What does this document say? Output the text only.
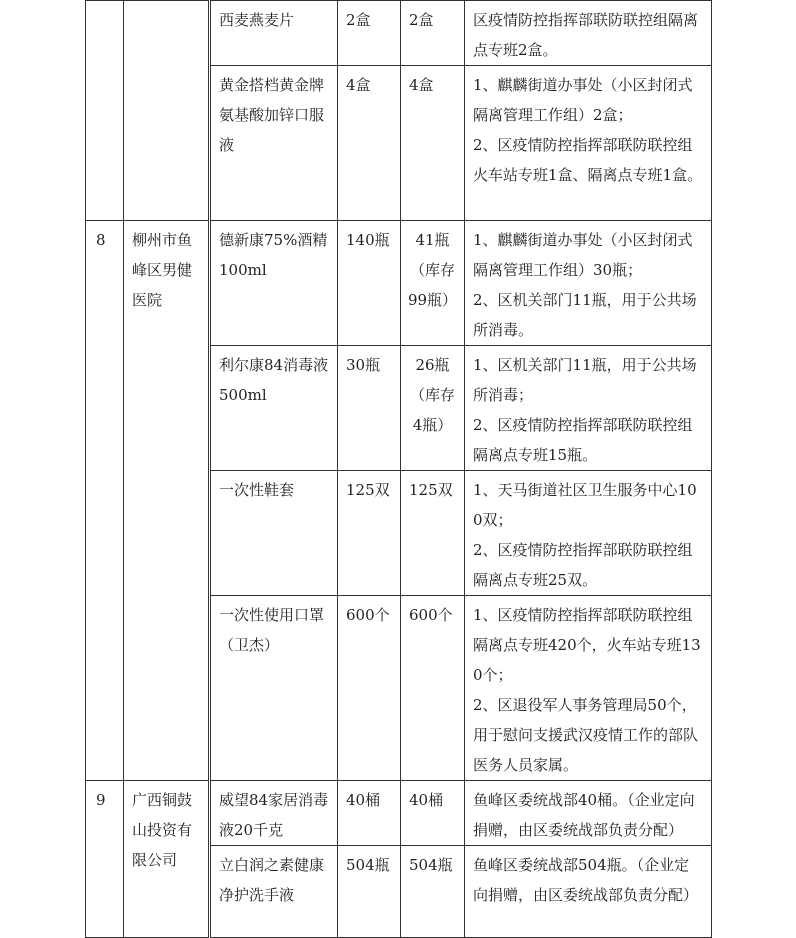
		西麦燕麦片	2盒	2盒	区疫情防控指挥部联防联控组隔离点专班2盒。

		黄金搭档黄金牌氨基酸加锌口服液	4盒	4盒	1、麒麟街道办事处（小区封闭式隔离管理工作组）2盒；
2、区疫情防控指挥部联防联控组火车站专班1盒、隔离点专班1盒。

8	柳州市鱼峰区男健医院	德新康75%酒精100ml	140瓶	41瓶
（库存
99瓶）	1、麒麟街道办事处（小区封闭式隔离管理工作组）30瓶；
2、区机关部门11瓶，用于公共场所消毒。

		利尔康84消毒液500ml	30瓶	26瓶
（库存
4瓶）	1、区机关部门11瓶，用于公共场所消毒；
2、区疫情防控指挥部联防联控组隔离点专班15瓶。

		一次性鞋套	125双	125双	1、天马街道社区卫生服务中心100双；
2、区疫情防控指挥部联防联控组隔离点专班25双。

		一次性使用口罩（卫杰）	600个	600个	1、区疫情防控指挥部联防联控组隔离点专班420个，火车站专班130个；
2、区退役军人事务管理局50个，用于慰问支援武汉疫情工作的部队医务人员家属。

9	广西铜鼓山投资有限公司	威望84家居消毒液20千克	40桶	40桶	鱼峰区委统战部40桶。（企业定向捐赠，由区委统战部负责分配）

		立白润之素健康净护洗手液	504瓶	504瓶	鱼峰区委统战部504瓶。（企业定向捐赠，由区委统战部负责分配）
